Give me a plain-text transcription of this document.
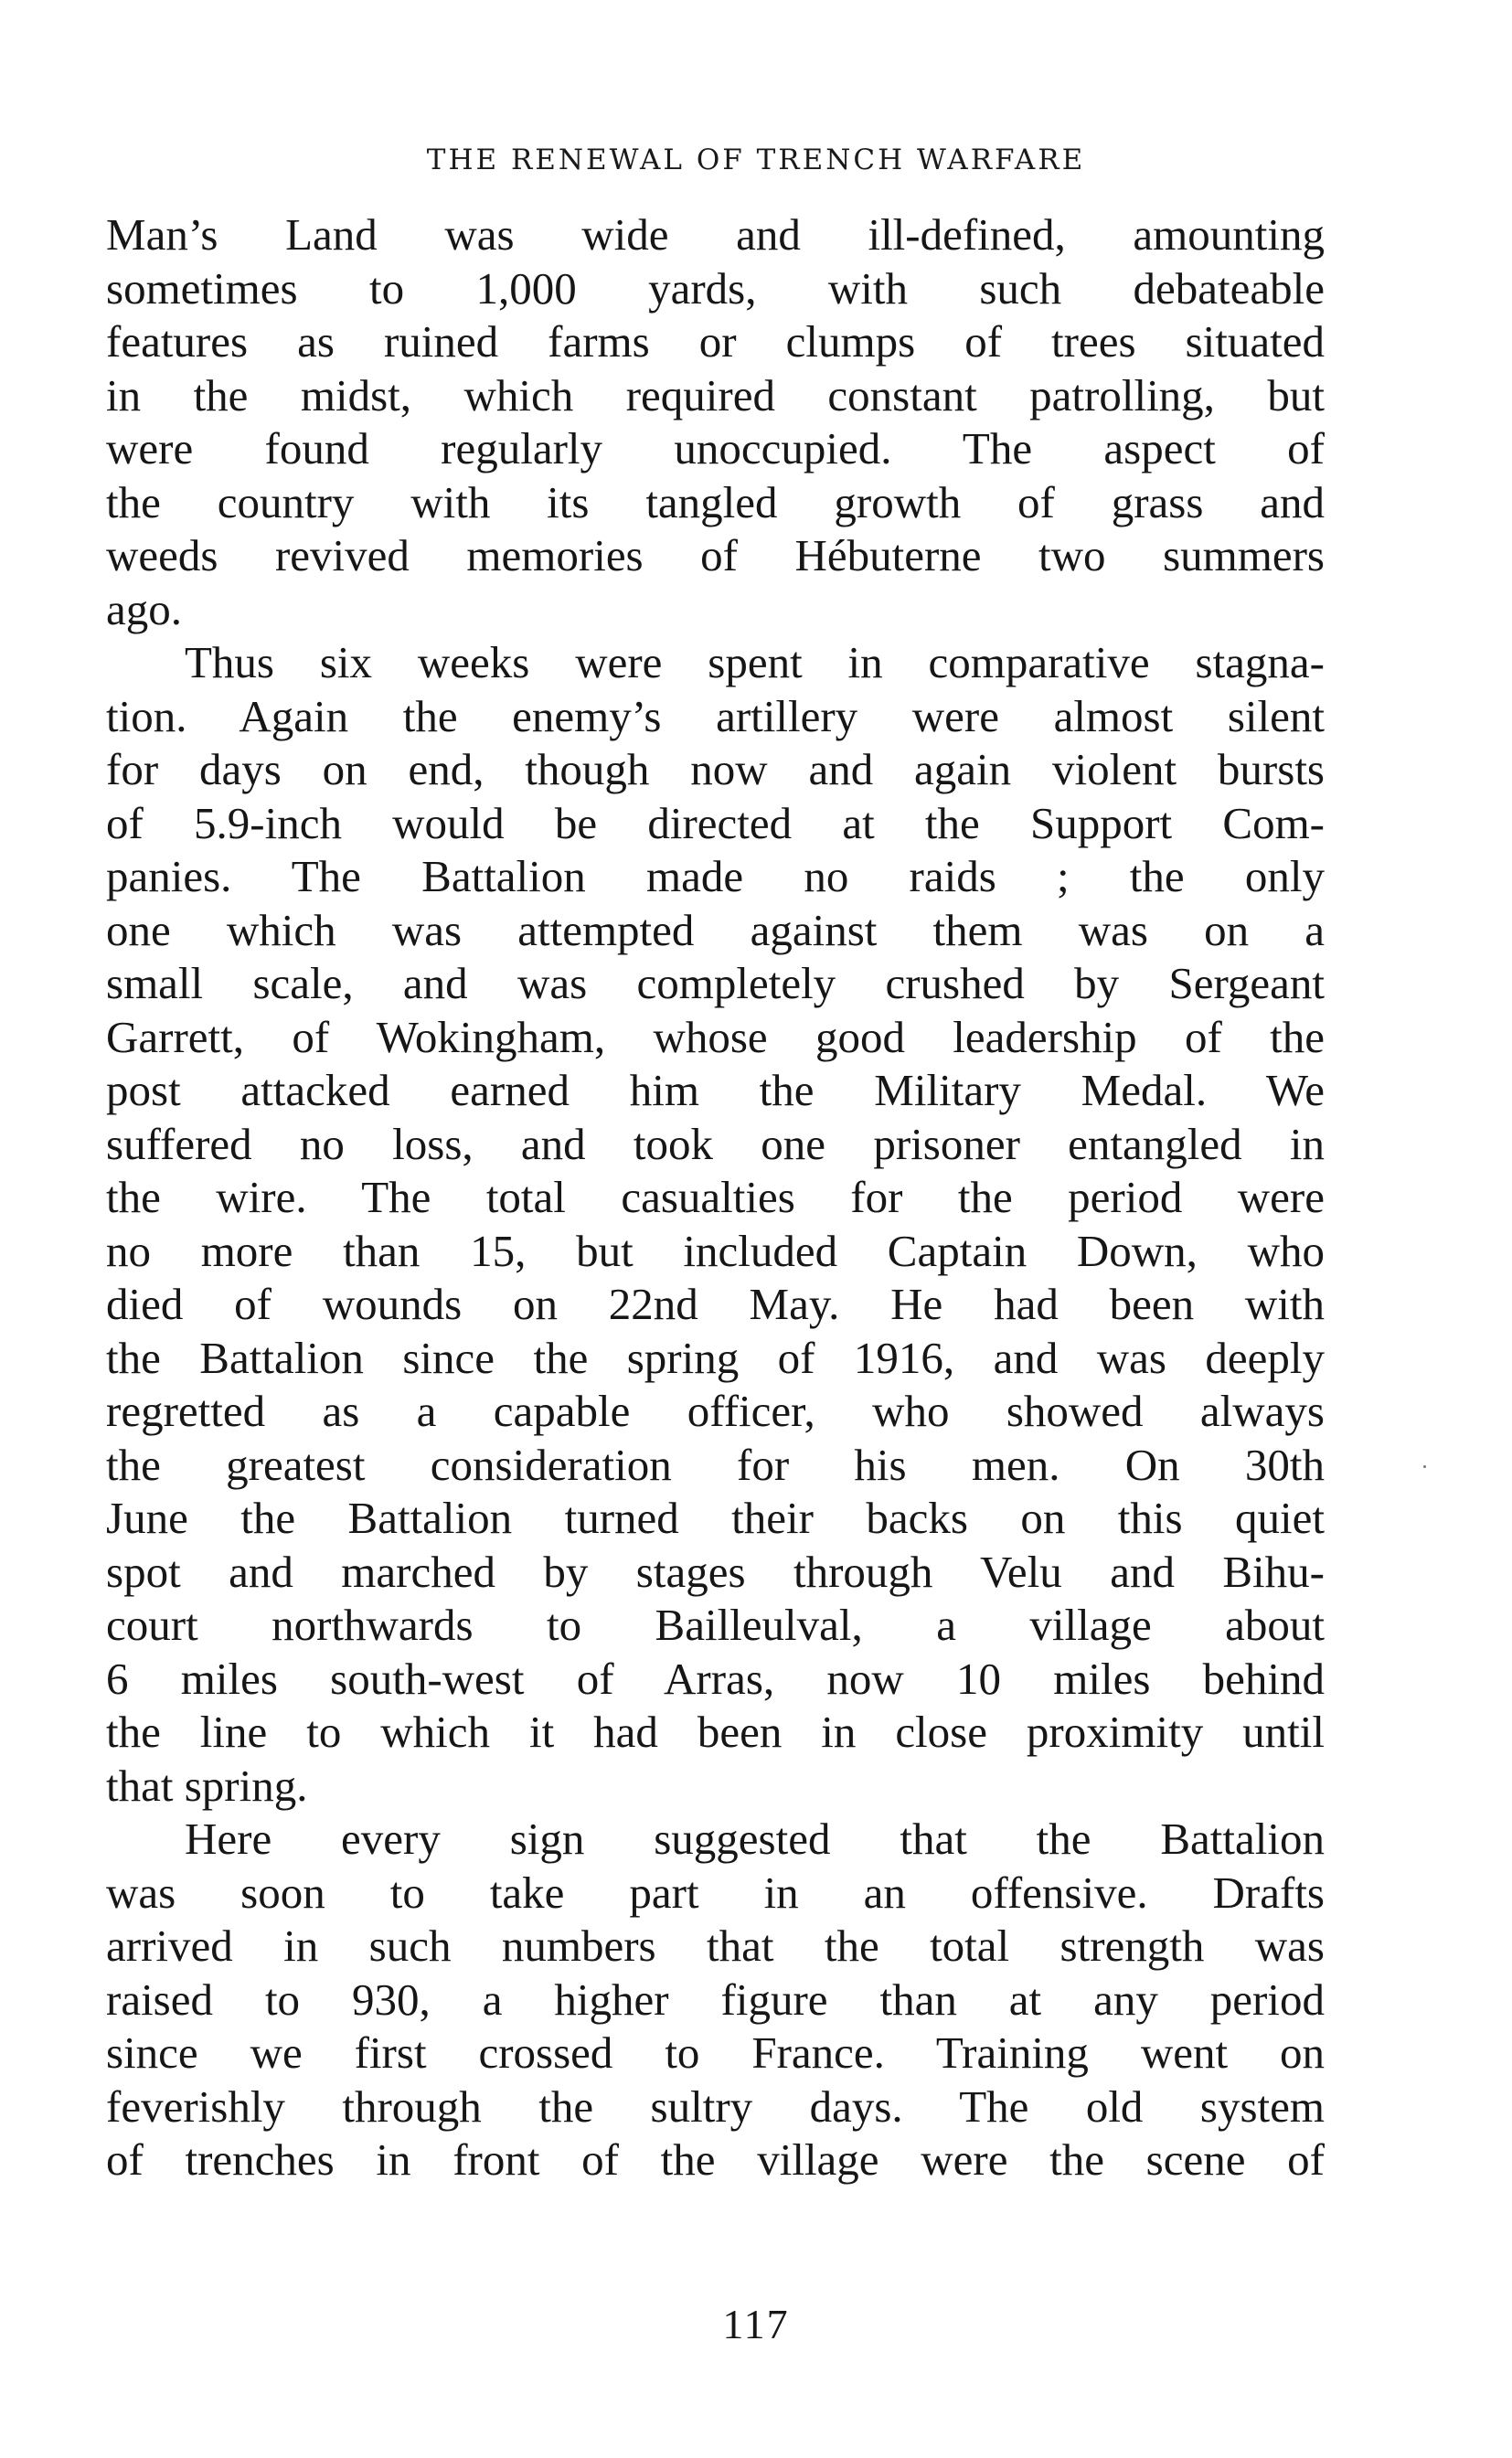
THE RENEWAL OF TRENCH WARFARE
Man’s Land was wide and ill-defined, amounting
sometimes to 1,000 yards, with such debateable
features as ruined farms or clumps of trees situated
in the midst, which required constant patrolling, but
were found regularly unoccupied. The aspect of
the country with its tangled growth of grass and
weeds revived memories of Hébuterne two summers
ago.
Thus six weeks were spent in comparative stagna-
tion. Again the enemy’s artillery were almost silent
for days on end, though now and again violent bursts
of 5.9-inch would be directed at the Support Com-
panies. The Battalion made no raids ; the only
one which was attempted against them was on a
small scale, and was completely crushed by Sergeant
Garrett, of Wokingham, whose good leadership of the
post attacked earned him the Military Medal. We
suffered no loss, and took one prisoner entangled in
the wire. The total casualties for the period were
no more than 15, but included Captain Down, who
died of wounds on 22nd May. He had been with
the Battalion since the spring of 1916, and was deeply
regretted as a capable officer, who showed always
the greatest consideration for his men. On 30th
June the Battalion turned their backs on this quiet
spot and marched by stages through Velu and Bihu-
court northwards to Bailleulval, a village about
6 miles south-west of Arras, now 10 miles behind
the line to which it had been in close proximity until
that spring.
Here every sign suggested that the Battalion
was soon to take part in an offensive. Drafts
arrived in such numbers that the total strength was
raised to 930, a higher figure than at any period
since we first crossed to France. Training went on
feverishly through the sultry days. The old system
of trenches in front of the village were the scene of
117
